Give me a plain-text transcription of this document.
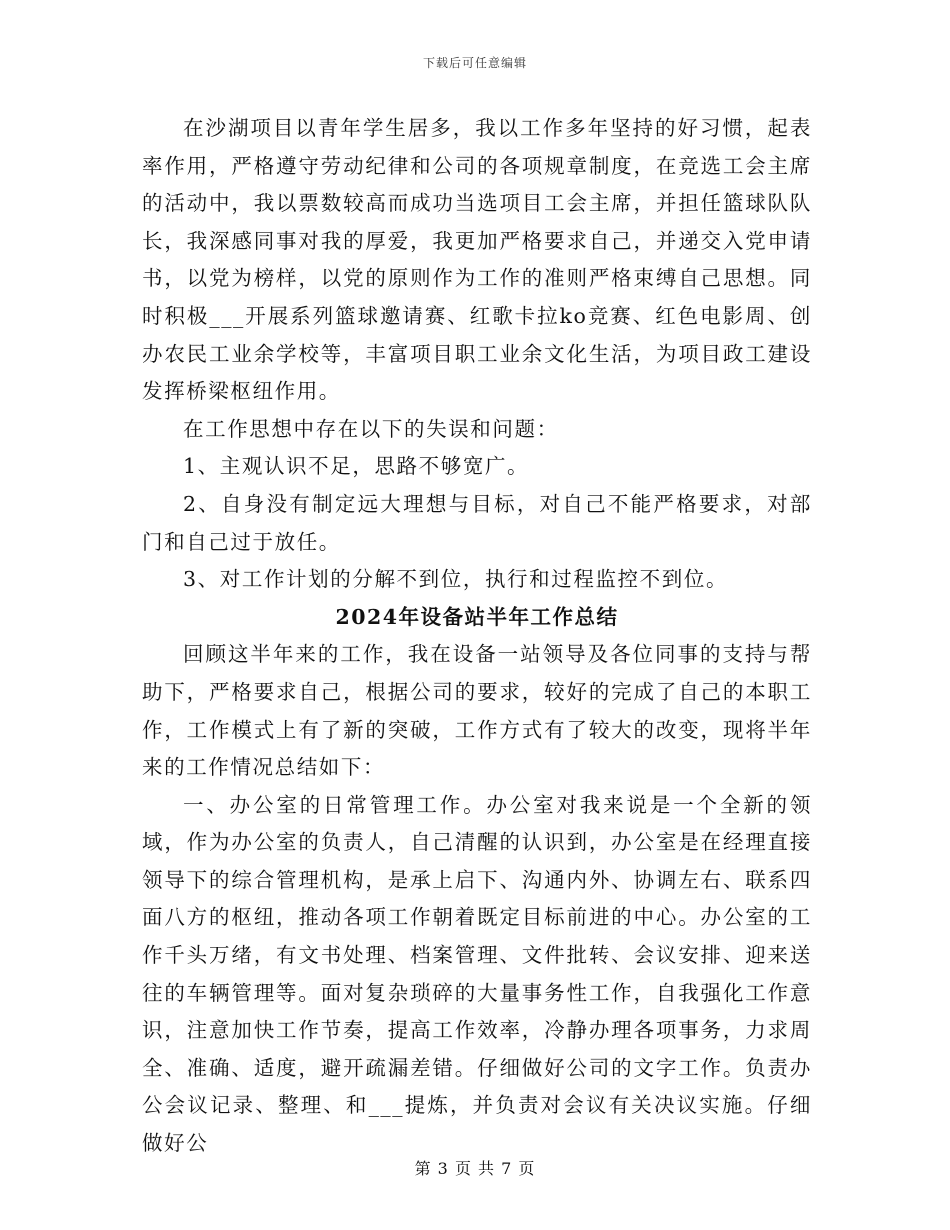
下载后可任意编辑

在沙湖项目以青年学生居多，我以工作多年坚持的好习惯，起表率作用，严格遵守劳动纪律和公司的各项规章制度，在竞选工会主席的活动中，我以票数较高而成功当选项目工会主席，并担任篮球队队长，我深感同事对我的厚爱，我更加严格要求自己，并递交入党申请书，以党为榜样，以党的原则作为工作的准则严格束缚自己思想。同时积极___开展系列篮球邀请赛、红歌卡拉ko竞赛、红色电影周、创办农民工业余学校等，丰富项目职工业余文化生活，为项目政工建设发挥桥梁枢纽作用。

在工作思想中存在以下的失误和问题：

1、主观认识不足，思路不够宽广。

2、自身没有制定远大理想与目标，对自己不能严格要求，对部门和自己过于放任。

3、对工作计划的分解不到位，执行和过程监控不到位。

2024年设备站半年工作总结

回顾这半年来的工作，我在设备一站领导及各位同事的支持与帮助下，严格要求自己，根据公司的要求，较好的完成了自己的本职工作，工作模式上有了新的突破，工作方式有了较大的改变，现将半年来的工作情况总结如下：

一、办公室的日常管理工作。办公室对我来说是一个全新的领域，作为办公室的负责人，自己清醒的认识到，办公室是在经理直接领导下的综合管理机构，是承上启下、沟通内外、协调左右、联系四面八方的枢纽，推动各项工作朝着既定目标前进的中心。办公室的工作千头万绪，有文书处理、档案管理、文件批转、会议安排、迎来送往的车辆管理等。面对复杂琐碎的大量事务性工作，自我强化工作意识，注意加快工作节奏，提高工作效率，冷静办理各项事务，力求周全、准确、适度，避开疏漏差错。仔细做好公司的文字工作。负责办公会议记录、整理、和___提炼，并负责对会议有关决议实施。仔细做好公

第 3 页 共 7 页
